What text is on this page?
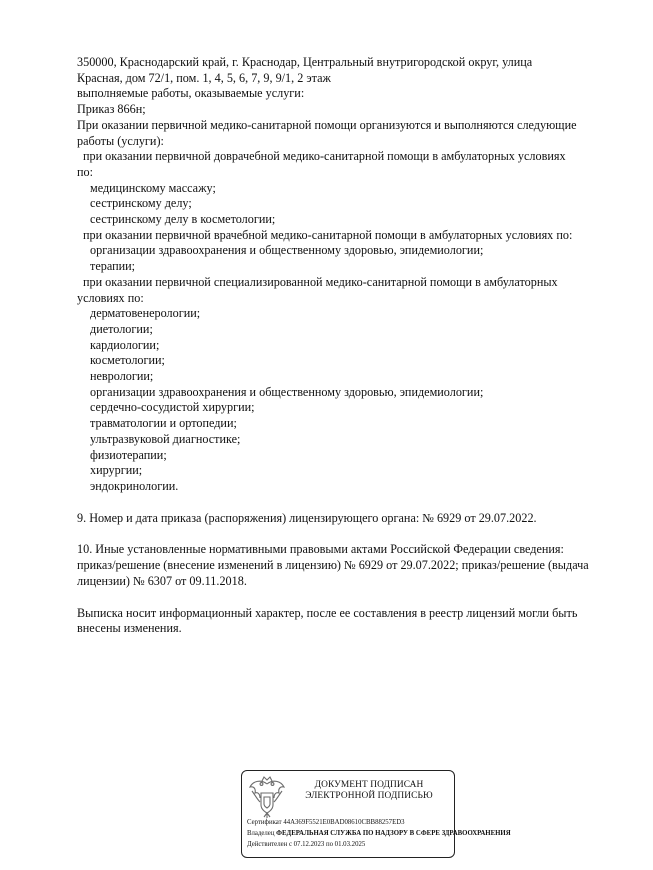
350000, Краснодарский край, г. Краснодар, Центральный внутригородской округ, улица
Красная, дом 72/1, пом. 1, 4, 5, 6, 7, 9, 9/1, 2 этаж
выполняемые работы, оказываемые услуги:
Приказ 866н;
При оказании первичной медико-санитарной помощи организуются и выполняются следующие
работы (услуги):
при оказании первичной доврачебной медико-санитарной помощи в амбулаторных условиях
по:
медицинскому массажу;
сестринскому делу;
сестринскому делу в косметологии;
при оказании первичной врачебной медико-санитарной помощи в амбулаторных условиях по:
организации здравоохранения и общественному здоровью, эпидемиологии;
терапии;
при оказании первичной специализированной медико-санитарной помощи в амбулаторных
условиях по:
дерматовенерологии;
диетологии;
кардиологии;
косметологии;
неврологии;
организации здравоохранения и общественному здоровью, эпидемиологии;
сердечно-сосудистой хирургии;
травматологии и ортопедии;
ультразвуковой диагностике;
физиотерапии;
хирургии;
эндокринологии.
9. Номер и дата приказа (распоряжения) лицензирующего органа: № 6929 от 29.07.2022.
10. Иные установленные нормативными правовыми актами Российской Федерации сведения:
приказ/решение (внесение изменений в лицензию) № 6929 от 29.07.2022; приказ/решение (выдача
лицензии) № 6307 от 09.11.2018.
Выписка носит информационный характер, после ее составления в реестр лицензий могли быть
внесены изменения.
ДОКУМЕНТ ПОДПИСАН
ЭЛЕКТРОННОЙ ПОДПИСЬЮ
Сертификат 44A369F5521E0BAD08610CBB88257ED3
Владелец ФЕДЕРАЛЬНАЯ СЛУЖБА ПО НАДЗОРУ В СФЕРЕ ЗДРАВООХРАНЕНИЯ
Действителен с 07.12.2023 по 01.03.2025
